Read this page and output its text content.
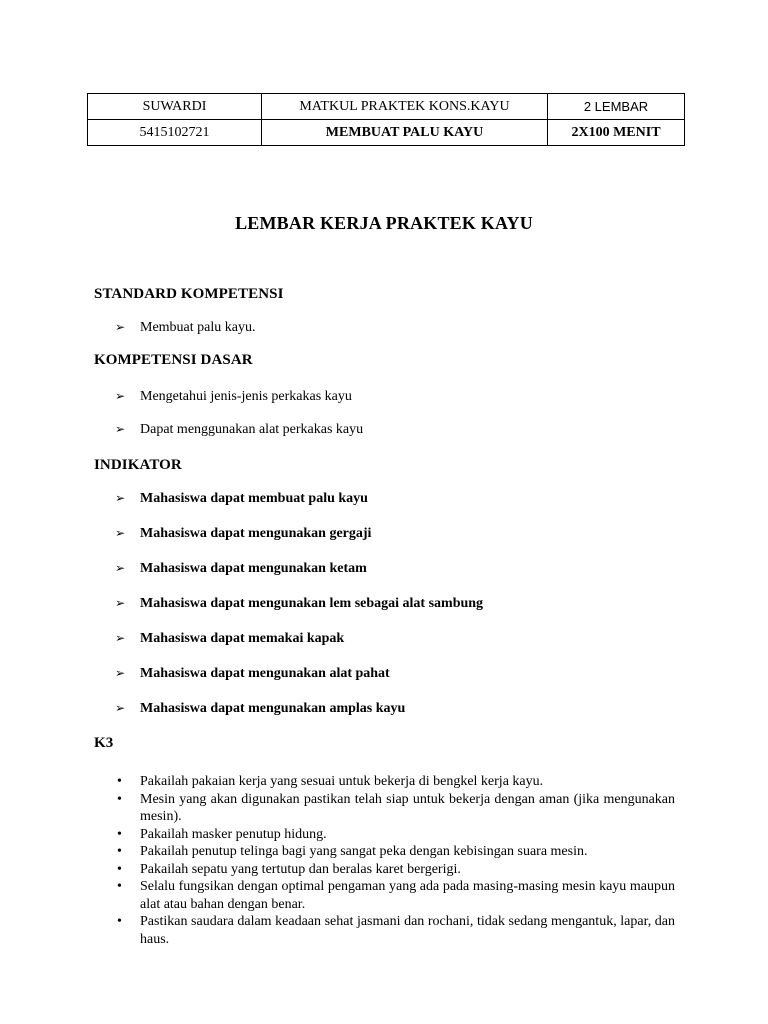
SUWARDI	MATKUL PRAKTEK KONS.KAYU	2 LEMBAR
5415102721	MEMBUAT PALU KAYU	2X100 MENIT
LEMBAR KERJA PRAKTEK KAYU
STANDARD KOMPETENSI
➢ Membuat palu kayu.
KOMPETENSI DASAR
➢ Mengetahui jenis-jenis perkakas kayu
➢ Dapat menggunakan alat perkakas kayu
INDIKATOR
➢ Mahasiswa dapat membuat palu kayu
➢ Mahasiswa dapat mengunakan gergaji
➢ Mahasiswa dapat mengunakan ketam
➢ Mahasiswa dapat mengunakan lem sebagai alat sambung
➢ Mahasiswa dapat memakai kapak
➢ Mahasiswa dapat mengunakan alat pahat
➢ Mahasiswa dapat mengunakan amplas kayu
K3
• Pakailah pakaian kerja yang sesuai untuk bekerja di bengkel kerja kayu.
• Mesin yang akan digunakan pastikan telah siap untuk bekerja dengan aman (jika mengunakan mesin).
• Pakailah masker penutup hidung.
• Pakailah penutup telinga bagi yang sangat peka dengan kebisingan suara mesin.
• Pakailah sepatu yang tertutup dan beralas karet bergerigi.
• Selalu fungsikan dengan optimal pengaman yang ada pada masing-masing mesin kayu maupun alat atau bahan dengan benar.
• Pastikan saudara dalam keadaan sehat jasmani dan rochani, tidak sedang mengantuk, lapar, dan haus.
